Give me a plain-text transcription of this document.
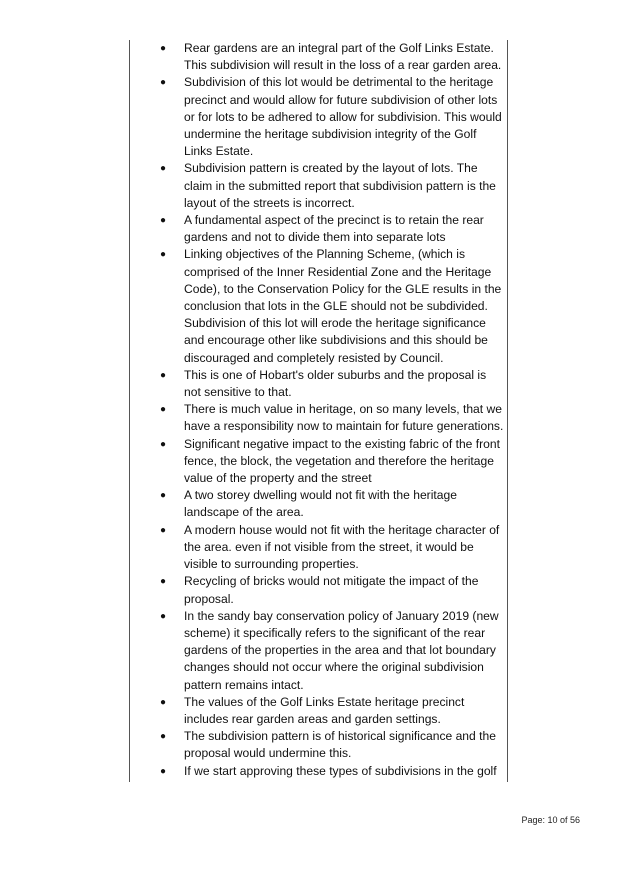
● Rear gardens are an integral part of the Golf Links Estate. This subdivision will result in the loss of a rear garden area.
● Subdivision of this lot would be detrimental to the heritage precinct and would allow for future subdivision of other lots or for lots to be adhered to allow for subdivision. This would undermine the heritage subdivision integrity of the Golf Links Estate.
● Subdivision pattern is created by the layout of lots. The claim in the submitted report that subdivision pattern is the layout of the streets is incorrect.
● A fundamental aspect of the precinct is to retain the rear gardens and not to divide them into separate lots
● Linking objectives of the Planning Scheme, (which is comprised of the Inner Residential Zone and the Heritage Code), to the Conservation Policy for the GLE results in the conclusion that lots in the GLE should not be subdivided. Subdivision of this lot will erode the heritage significance and encourage other like subdivisions and this should be discouraged and completely resisted by Council.
● This is one of Hobart's older suburbs and the proposal is not sensitive to that.
● There is much value in heritage, on so many levels, that we have a responsibility now to maintain for future generations.
● Significant negative impact to the existing fabric of the front fence, the block, the vegetation and therefore the heritage value of the property and the street
● A two storey dwelling would not fit with the heritage landscape of the area.
● A modern house would not fit with the heritage character of the area. even if not visible from the street, it would be visible to surrounding properties.
● Recycling of bricks would not mitigate the impact of the proposal.
● In the sandy bay conservation policy of January 2019 (new scheme) it specifically refers to the significant of the rear gardens of the properties in the area and that lot boundary changes should not occur where the original subdivision pattern remains intact.
● The values of the Golf Links Estate heritage precinct includes rear garden areas and garden settings.
● The subdivision pattern is of historical significance and the proposal would undermine this.
● If we start approving these types of subdivisions in the golf
Page: 10 of 56
